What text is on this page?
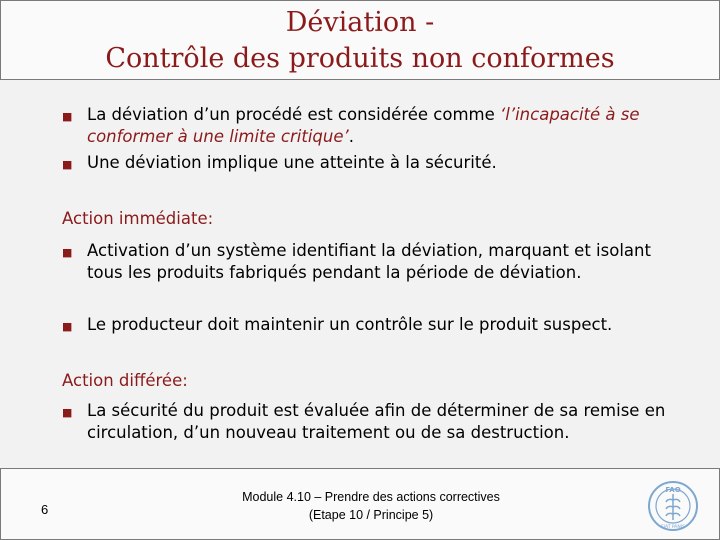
Déviation -
Contrôle des produits non conformes
■ La déviation d’un procédé est considérée comme ‘l’incapacité à se conformer à une limite critique’.
■ Une déviation implique une atteinte à la sécurité.
Action immédiate:
■ Activation d’un système identifiant la déviation, marquant et isolant tous les produits fabriqués pendant la période de déviation.
■ Le producteur doit maintenir un contrôle sur le produit suspect.
Action différée:
■ La sécurité du produit est évaluée afin de déterminer de sa remise en circulation, d’un nouveau traitement ou de sa destruction.
6
Module 4.10 – Prendre des actions correctives
(Etape 10 / Principe 5)
FAO
FIAT PANIS
